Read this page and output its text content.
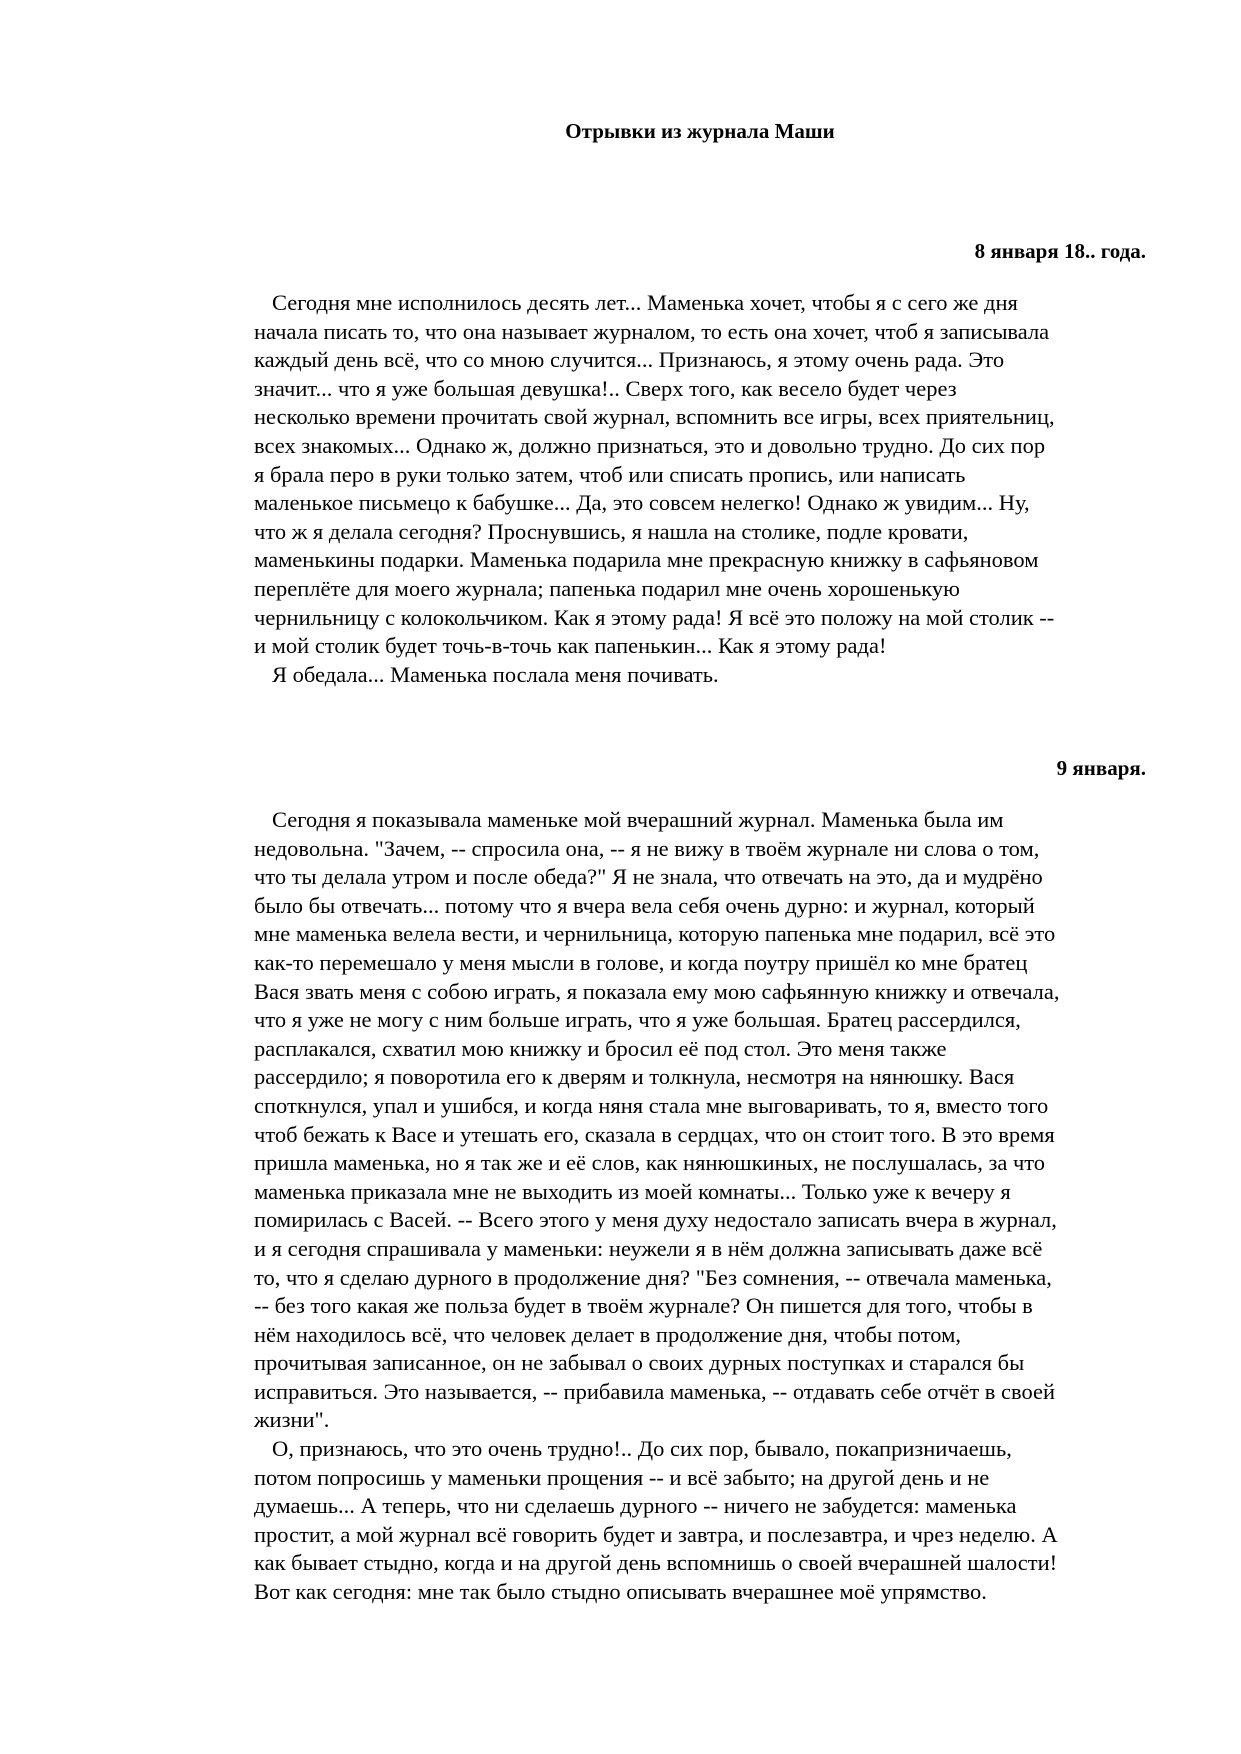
Отрывки из журнала Маши
8 января 18.. года.
Сегодня мне исполнилось десять лет... Маменька хочет, чтобы я с сего же дня
начала писать то, что она называет журналом, то есть она хочет, чтоб я записывала
каждый день всё, что со мною случится... Признаюсь, я этому очень рада. Это
значит... что я уже большая девушка!.. Сверх того, как весело будет через
несколько времени прочитать свой журнал, вспомнить все игры, всех приятельниц,
всех знакомых... Однако ж, должно признаться, это и довольно трудно. До сих пор
я брала перо в руки только затем, чтоб или списать пропись, или написать
маленькое письмецо к бабушке... Да, это совсем нелегко! Однако ж увидим... Ну,
что ж я делала сегодня? Проснувшись, я нашла на столике, подле кровати,
маменькины подарки. Маменька подарила мне прекрасную книжку в сафьяновом
переплёте для моего журнала; папенька подарил мне очень хорошенькую
чернильницу с колокольчиком. Как я этому рада! Я всё это положу на мой столик --
и мой столик будет точь-в-точь как папенькин... Как я этому рада!
Я обедала... Маменька послала меня почивать.
9 января.
Сегодня я показывала маменьке мой вчерашний журнал. Маменька была им
недовольна. "Зачем, -- спросила она, -- я не вижу в твоём журнале ни слова о том,
что ты делала утром и после обеда?" Я не знала, что отвечать на это, да и мудрёно
было бы отвечать... потому что я вчера вела себя очень дурно: и журнал, который
мне маменька велела вести, и чернильница, которую папенька мне подарил, всё это
как-то перемешало у меня мысли в голове, и когда поутру пришёл ко мне братец
Вася звать меня с собою играть, я показала ему мою сафьянную книжку и отвечала,
что я уже не могу с ним больше играть, что я уже большая. Братец рассердился,
расплакался, схватил мою книжку и бросил её под стол. Это меня также
рассердило; я поворотила его к дверям и толкнула, несмотря на нянюшку. Вася
споткнулся, упал и ушибся, и когда няня стала мне выговаривать, то я, вместо того
чтоб бежать к Васе и утешать его, сказала в сердцах, что он стоит того. В это время
пришла маменька, но я так же и её слов, как нянюшкиных, не послушалась, за что
маменька приказала мне не выходить из моей комнаты... Только уже к вечеру я
помирилась с Васей. -- Всего этого у меня духу недостало записать вчера в журнал,
и я сегодня спрашивала у маменьки: неужели я в нём должна записывать даже всё
то, что я сделаю дурного в продолжение дня? "Без сомнения, -- отвечала маменька,
-- без того какая же польза будет в твоём журнале? Он пишется для того, чтобы в
нём находилось всё, что человек делает в продолжение дня, чтобы потом,
прочитывая записанное, он не забывал о своих дурных поступках и старался бы
исправиться. Это называется, -- прибавила маменька, -- отдавать себе отчёт в своей
жизни".
О, признаюсь, что это очень трудно!.. До сих пор, бывало, покапризничаешь,
потом попросишь у маменьки прощения -- и всё забыто; на другой день и не
думаешь... А теперь, что ни сделаешь дурного -- ничего не забудется: маменька
простит, а мой журнал всё говорить будет и завтра, и послезавтра, и чрез неделю. А
как бывает стыдно, когда и на другой день вспомнишь о своей вчерашней шалости!
Вот как сегодня: мне так было стыдно описывать вчерашнее моё упрямство.
